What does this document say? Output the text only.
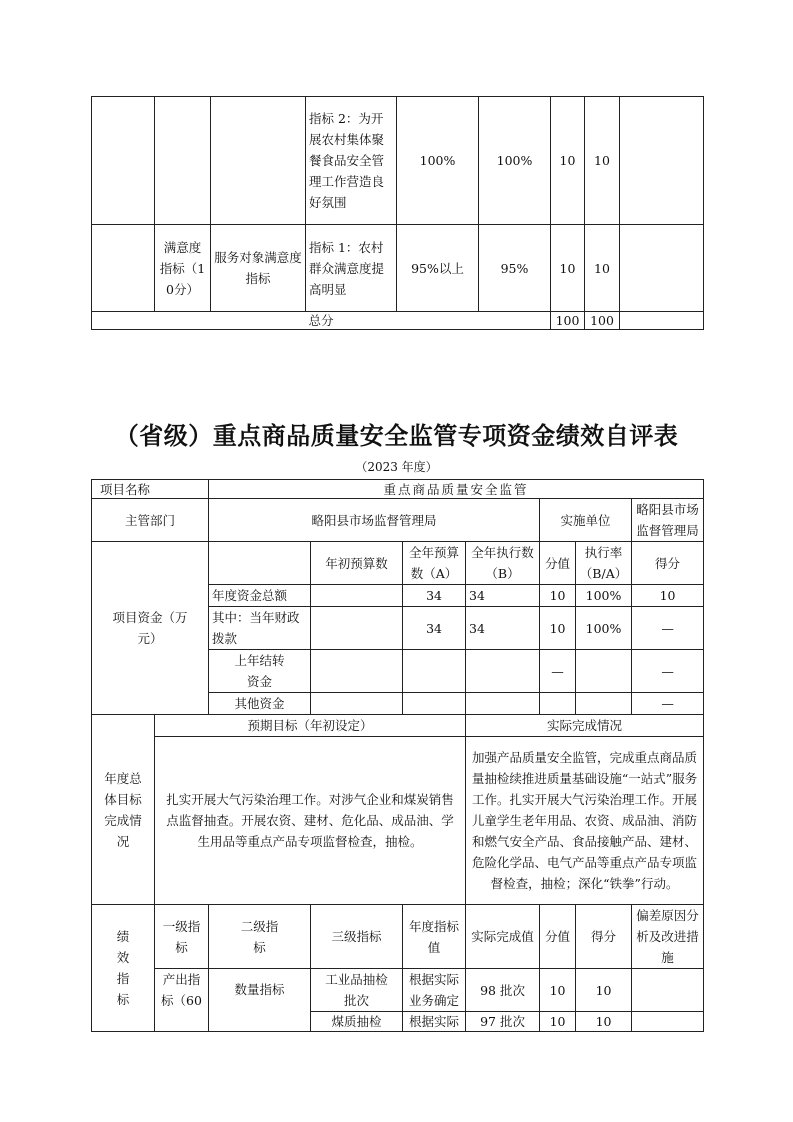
			指标 2：为开展农村集体聚餐食品安全管理工作营造良好氛围	100%	100%	10	10	
	满意度指标（10分）	服务对象满意度指标	指标 1：农村群众满意度提高明显	95%以上	95%	10	10	
总分						100	100	
（省级）重点商品质量安全监管专项资金绩效自评表
（2023 年度）
项目名称		重点商品质量安全监管						
主管部门		略阳县市场监督管理局				实施单位		略阳县市场监督管理局
项目资金（万元）			年初预算数	全年预算数（A）	全年执行数（B）	分值	执行率（B/A）	得分
		年度资金总额		34	34	10	100%	10
		其中：当年财政拨款		34	34	10	100%	—
		上年结转资金				—		—
		其他资金						—
年度总体目标完成情况	预期目标（年初设定）				实际完成情况			
	扎实开展大气污染治理工作。对涉气企业和煤炭销售点监督抽查。开展农资、建材、危化品、成品油、学生用品等重点产品专项监督检查，抽检。				加强产品质量安全监管，完成重点商品质量抽检续推进质量基础设施“一站式”服务工作。扎实开展大气污染治理工作。开展儿童学生老年用品、农资、成品油、消防和燃气安全产品、食品接触产品、建材、危险化学品、电气产品等重点产品专项监督检查，抽检；深化“铁拳”行动。			
绩效指标	一级指标	二级指标	三级指标	年度指标值	实际完成值	分值	得分	偏差原因分析及改进措施
	产出指标（60	数量指标	工业品抽检批次	根据实际业务确定	98 批次	10	10	
			煤质抽检	根据实际	97 批次	10	10	
